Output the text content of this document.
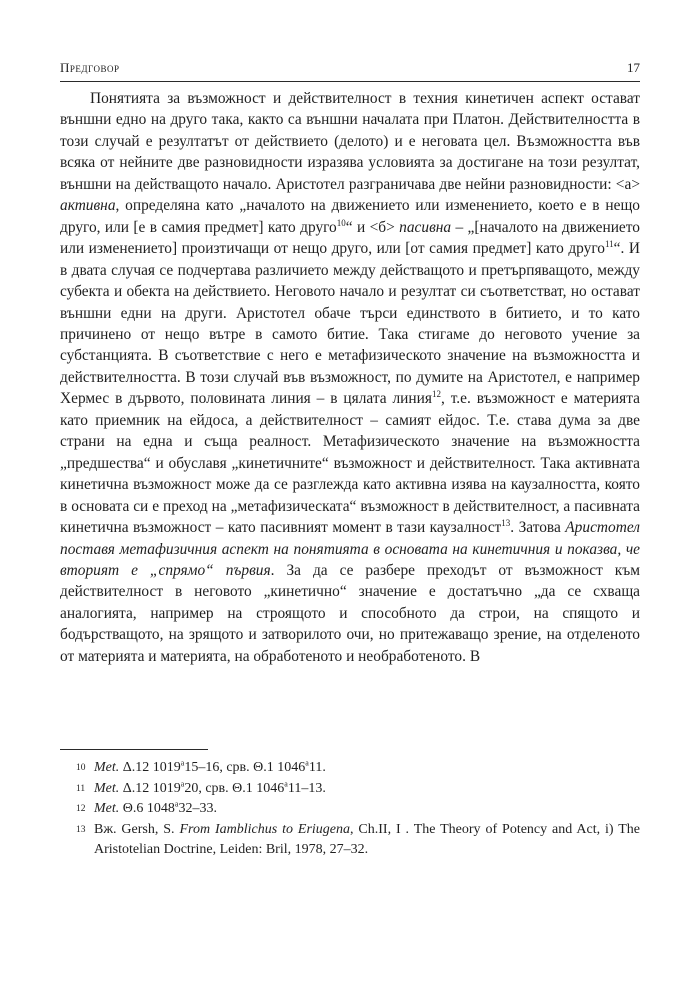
Предговор	17

Понятията за възможност и действителност в техния кинетичен аспект остават външни едно на друго така, както са външни началата при Платон. Действителността в този случай е резултатът от действието (делото) и е неговата цел. Възможността във всяка от нейните две разновидности изразява условията за достигане на този резултат, външни на действащото начало. Аристотел разграничава две нейни разновидности: <а> активна, определяна като „началото на движението или изменението, което е в нещо друго, или [е в самия предмет] като друго$^{10}$“ и <б> пасивна – „[началото на движението или изменението] произтичащи от нещо друго, или [от самия предмет] като друго$^{11}$“. И в двата случая се подчертава различието между действащото и претърпяващото, между субекта и обекта на действието. Неговото начало и резултат си съответстват, но остават външни едни на други. Аристотел обаче търси единството в битието, и то като причинено от нещо вътре в самото битие. Така стигаме до неговото учение за субстанцията. В съответствие с него е метафизическото значение на възможността и действителността. В този случай във възможност, по думите на Аристотел, е например Хермес в дървото, половината линия – в цялата линия$^{12}$, т.е. възможност е материята като приемник на ейдоса, а действителност – самият ейдос. Т.е. става дума за две страни на една и съща реалност. Метафизическото значение на възможността „предшества“ и обуславя „кинетичните“ възможност и действителност. Така активната кинетична възможност може да се разглежда като активна изява на каузалността, която в основата си е преход на „метафизическата“ възможност в действителност, а пасивната кинетична възможност – като пасивният момент в тази каузалност$^{13}$. Затова Аристотел поставя метафизичния аспект на понятията в основата на кинетичния и показва, че вторият е „спрямо“ първия. За да се разбере преходът от възможност към действителност в неговото „кинетично“ значение е достатъчно „да се схваща аналогията, например на строящото и способното да строи, на спящото и бодърстващото, на зрящото и затворилото очи, но притежаващо зрение, на отделеното от материята и материята, на обработеното и необработеното. В

10 Met. Δ.12 1019$^a$15–16, срв. Θ.1 1046$^a$11.
11 Met. Δ.12 1019$^a$20, срв. Θ.1 1046$^a$11–13.
12 Met. Θ.6 1048$^a$32–33.
13 Вж. Gersh, S. From Iamblichus to Eriugena, Ch.II, I . The Theory of Potency and Act, i) The Aristotelian Doctrine, Leiden: Bril, 1978, 27–32.
